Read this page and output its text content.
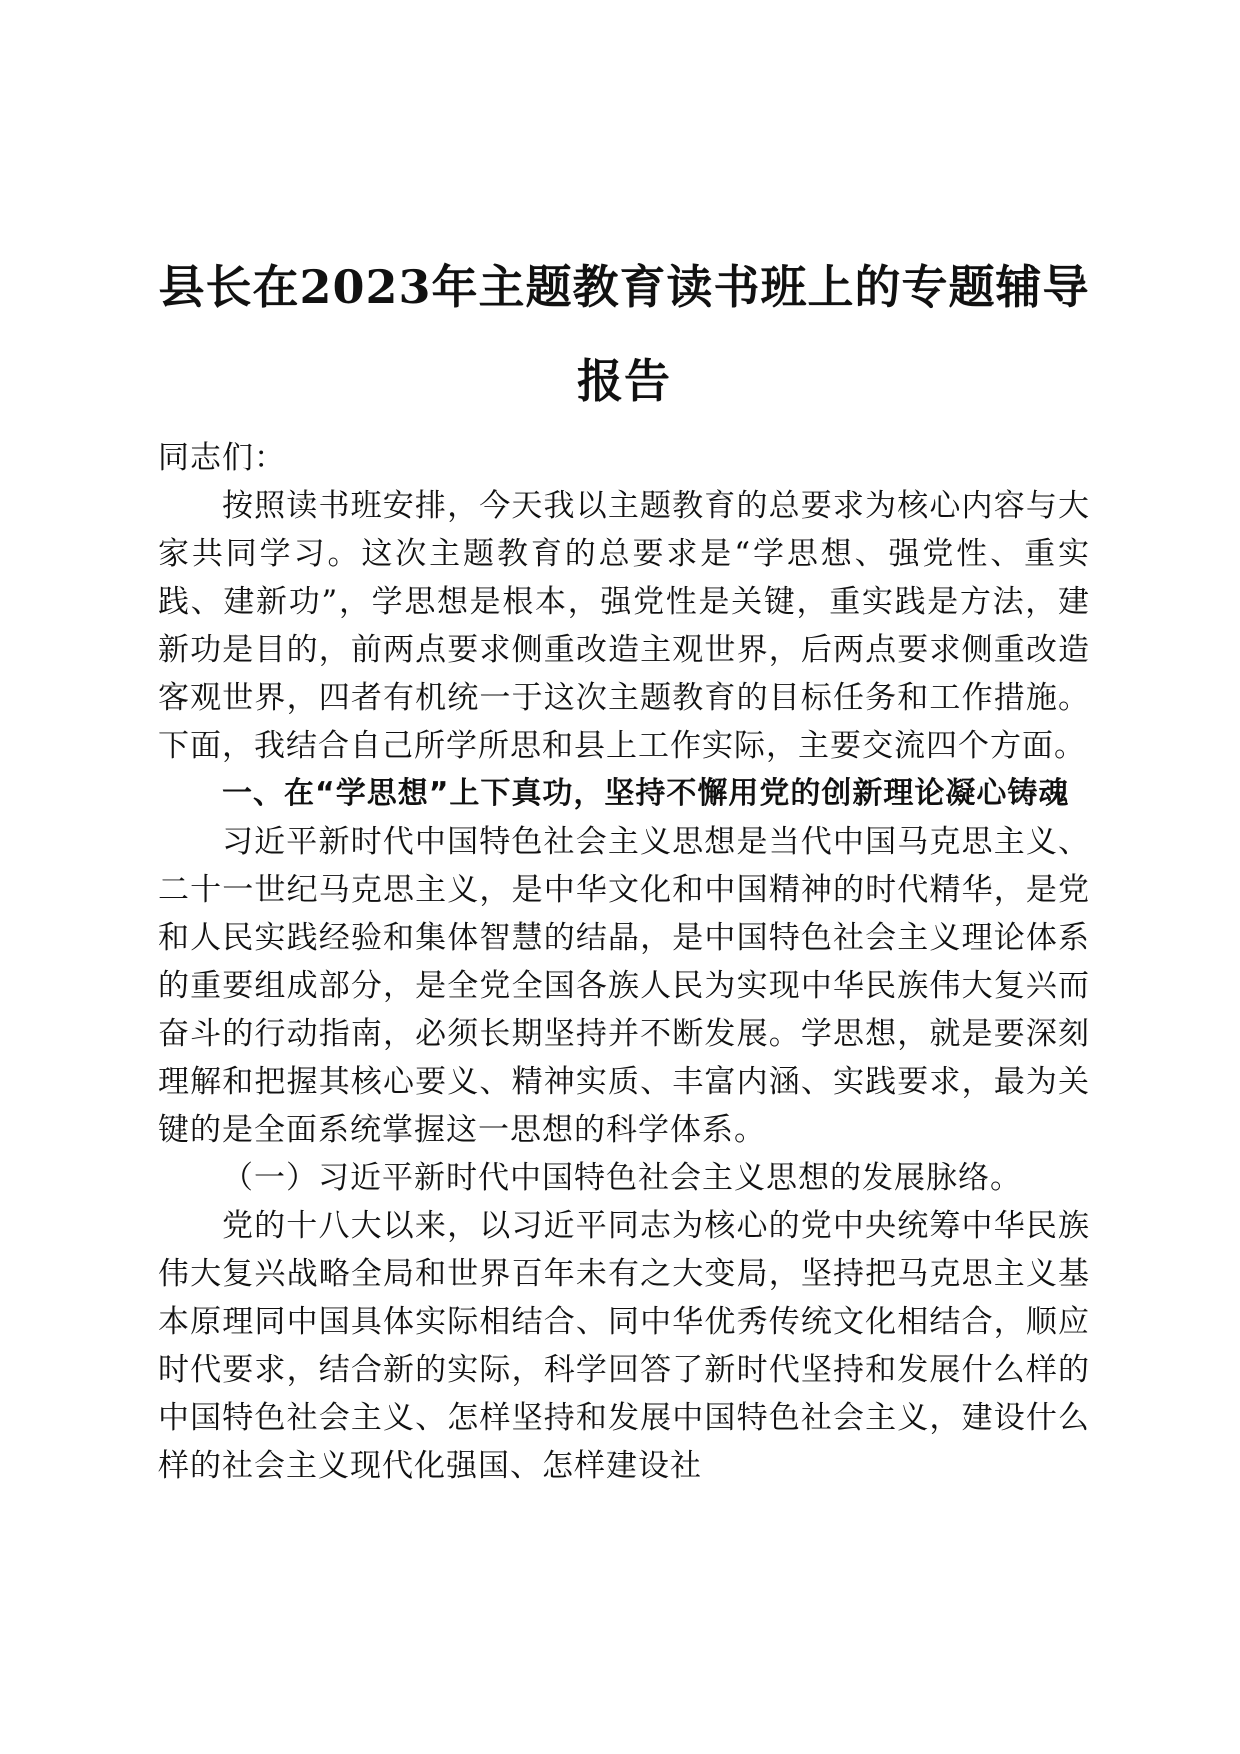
县长在2023年主题教育读书班上的专题辅导
报告

同志们：

按照读书班安排，今天我以主题教育的总要求为核心内容与大家共同学习。这次主题教育的总要求是“学思想、强党性、重实践、建新功”，学思想是根本，强党性是关键，重实践是方法，建新功是目的，前两点要求侧重改造主观世界，后两点要求侧重改造客观世界，四者有机统一于这次主题教育的目标任务和工作措施。下面，我结合自己所学所思和县上工作实际，主要交流四个方面。

一、在“学思想”上下真功，坚持不懈用党的创新理论凝心铸魂

习近平新时代中国特色社会主义思想是当代中国马克思主义、二十一世纪马克思主义，是中华文化和中国精神的时代精华，是党和人民实践经验和集体智慧的结晶，是中国特色社会主义理论体系的重要组成部分，是全党全国各族人民为实现中华民族伟大复兴而奋斗的行动指南，必须长期坚持并不断发展。学思想，就是要深刻理解和把握其核心要义、精神实质、丰富内涵、实践要求，最为关键的是全面系统掌握这一思想的科学体系。

（一）习近平新时代中国特色社会主义思想的发展脉络。

党的十八大以来，以习近平同志为核心的党中央统筹中华民族伟大复兴战略全局和世界百年未有之大变局，坚持把马克思主义基本原理同中国具体实际相结合、同中华优秀传统文化相结合，顺应时代要求，结合新的实际，科学回答了新时代坚持和发展什么样的中国特色社会主义、怎样坚持和发展中国特色社会主义，建设什么样的社会主义现代化强国、怎样建设社
